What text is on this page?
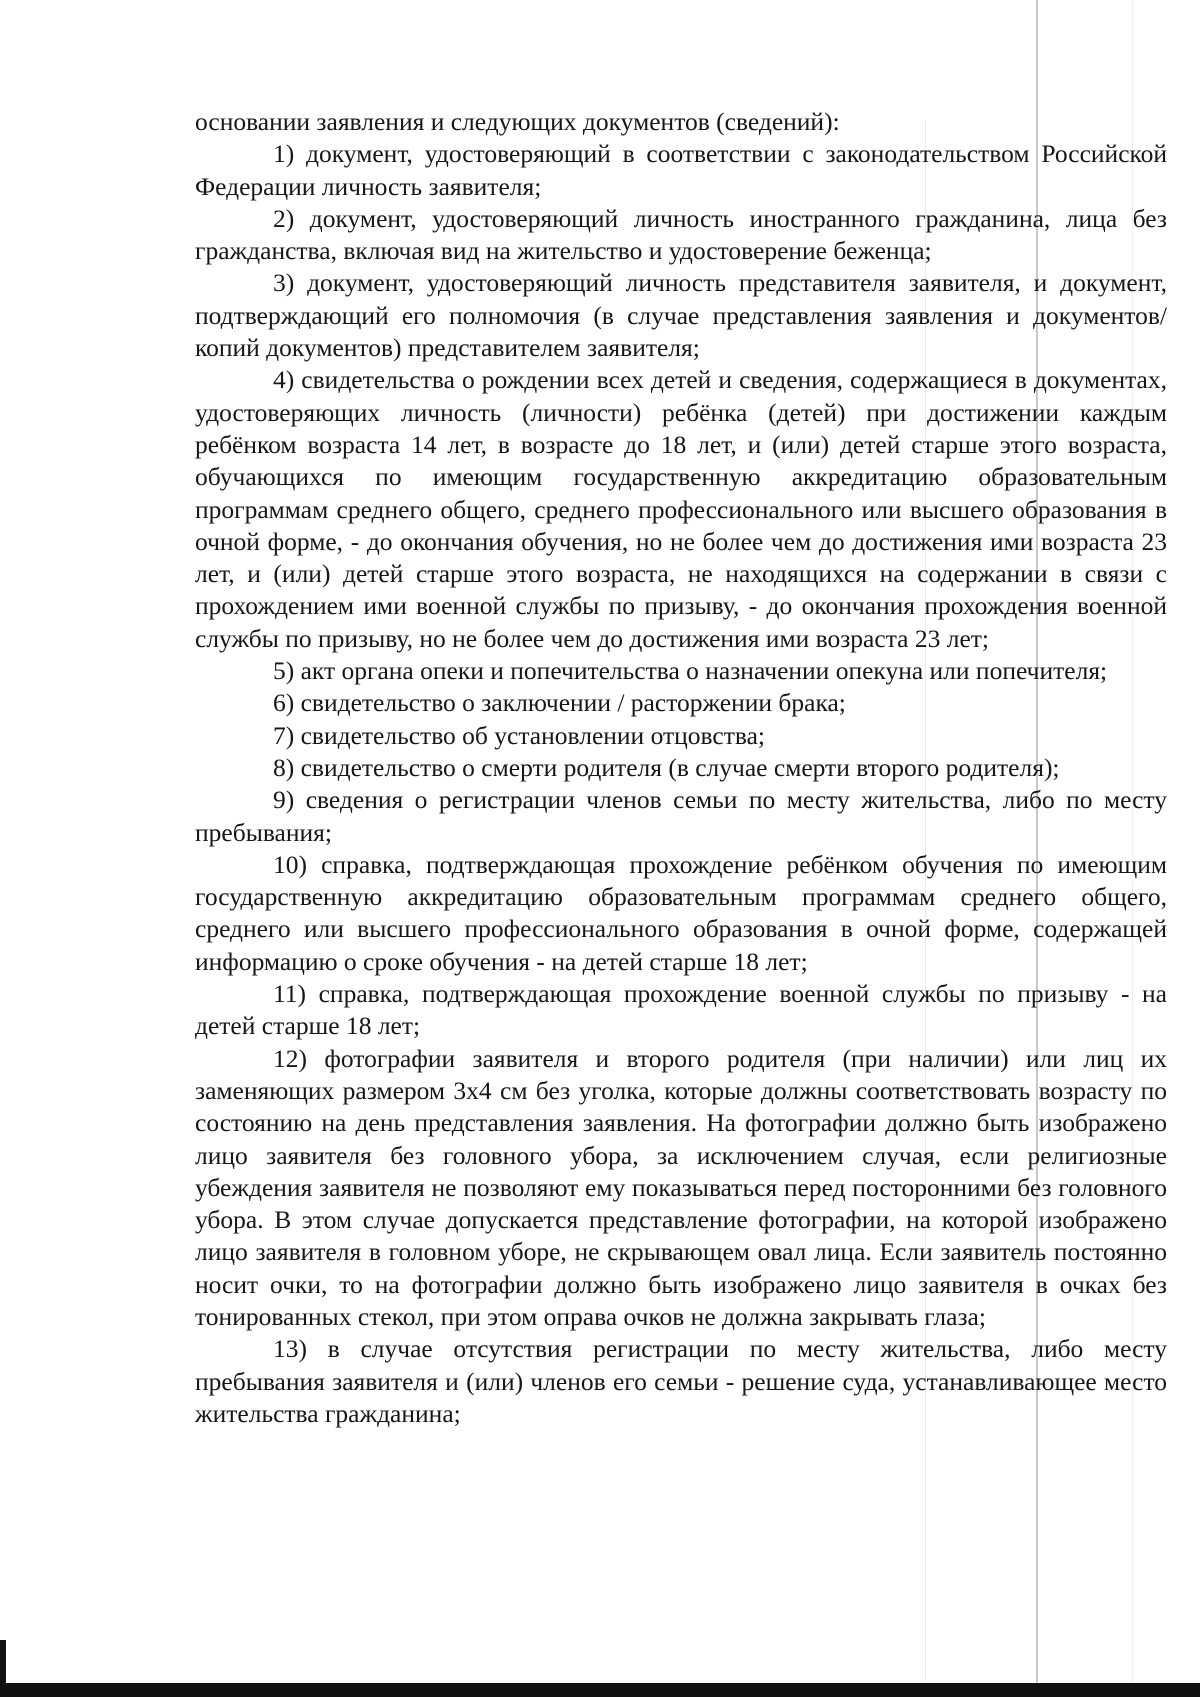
основании заявления и следующих документов (сведений):

1) документ, удостоверяющий в соответствии с законодательством Российской Федерации личность заявителя;

2) документ, удостоверяющий личность иностранного гражданина, лица без гражданства, включая вид на жительство и удостоверение беженца;

3) документ, удостоверяющий личность представителя заявителя, и документ, подтверждающий его полномочия (в случае представления заявления и документов/копий документов) представителем заявителя;

4) свидетельства о рождении всех детей и сведения, содержащиеся в документах, удостоверяющих личность (личности) ребёнка (детей) при достижении каждым ребёнком возраста 14 лет, в возрасте до 18 лет, и (или) детей старше этого возраста, обучающихся по имеющим государственную аккредитацию образовательным программам среднего общего, среднего профессионального или высшего образования в очной форме, - до окончания обучения, но не более чем до достижения ими возраста 23 лет, и (или) детей старше этого возраста, не находящихся на содержании в связи с прохождением ими военной службы по призыву, - до окончания прохождения военной службы по призыву, но не более чем до достижения ими возраста 23 лет;

5) акт органа опеки и попечительства о назначении опекуна или попечителя;

6) свидетельство о заключении / расторжении брака;

7) свидетельство об установлении отцовства;

8) свидетельство о смерти родителя (в случае смерти второго родителя);

9) сведения о регистрации членов семьи по месту жительства, либо по месту пребывания;

10) справка, подтверждающая прохождение ребёнком обучения по имеющим государственную аккредитацию образовательным программам среднего общего, среднего или высшего профессионального образования в очной форме, содержащей информацию о сроке обучения - на детей старше 18 лет;

11) справка, подтверждающая прохождение военной службы по призыву - на детей старше 18 лет;

12) фотографии заявителя и второго родителя (при наличии) или лиц их заменяющих размером 3х4 см без уголка, которые должны соответствовать возрасту по состоянию на день представления заявления. На фотографии должно быть изображено лицо заявителя без головного убора, за исключением случая, если религиозные убеждения заявителя не позволяют ему показываться перед посторонними без головного убора. В этом случае допускается представление фотографии, на которой изображено лицо заявителя в головном уборе, не скрывающем овал лица. Если заявитель постоянно носит очки, то на фотографии должно быть изображено лицо заявителя в очках без тонированных стекол, при этом оправа очков не должна закрывать глаза;

13) в случае отсутствия регистрации по месту жительства, либо месту пребывания заявителя и (или) членов его семьи - решение суда, устанавливающее место жительства гражданина;
